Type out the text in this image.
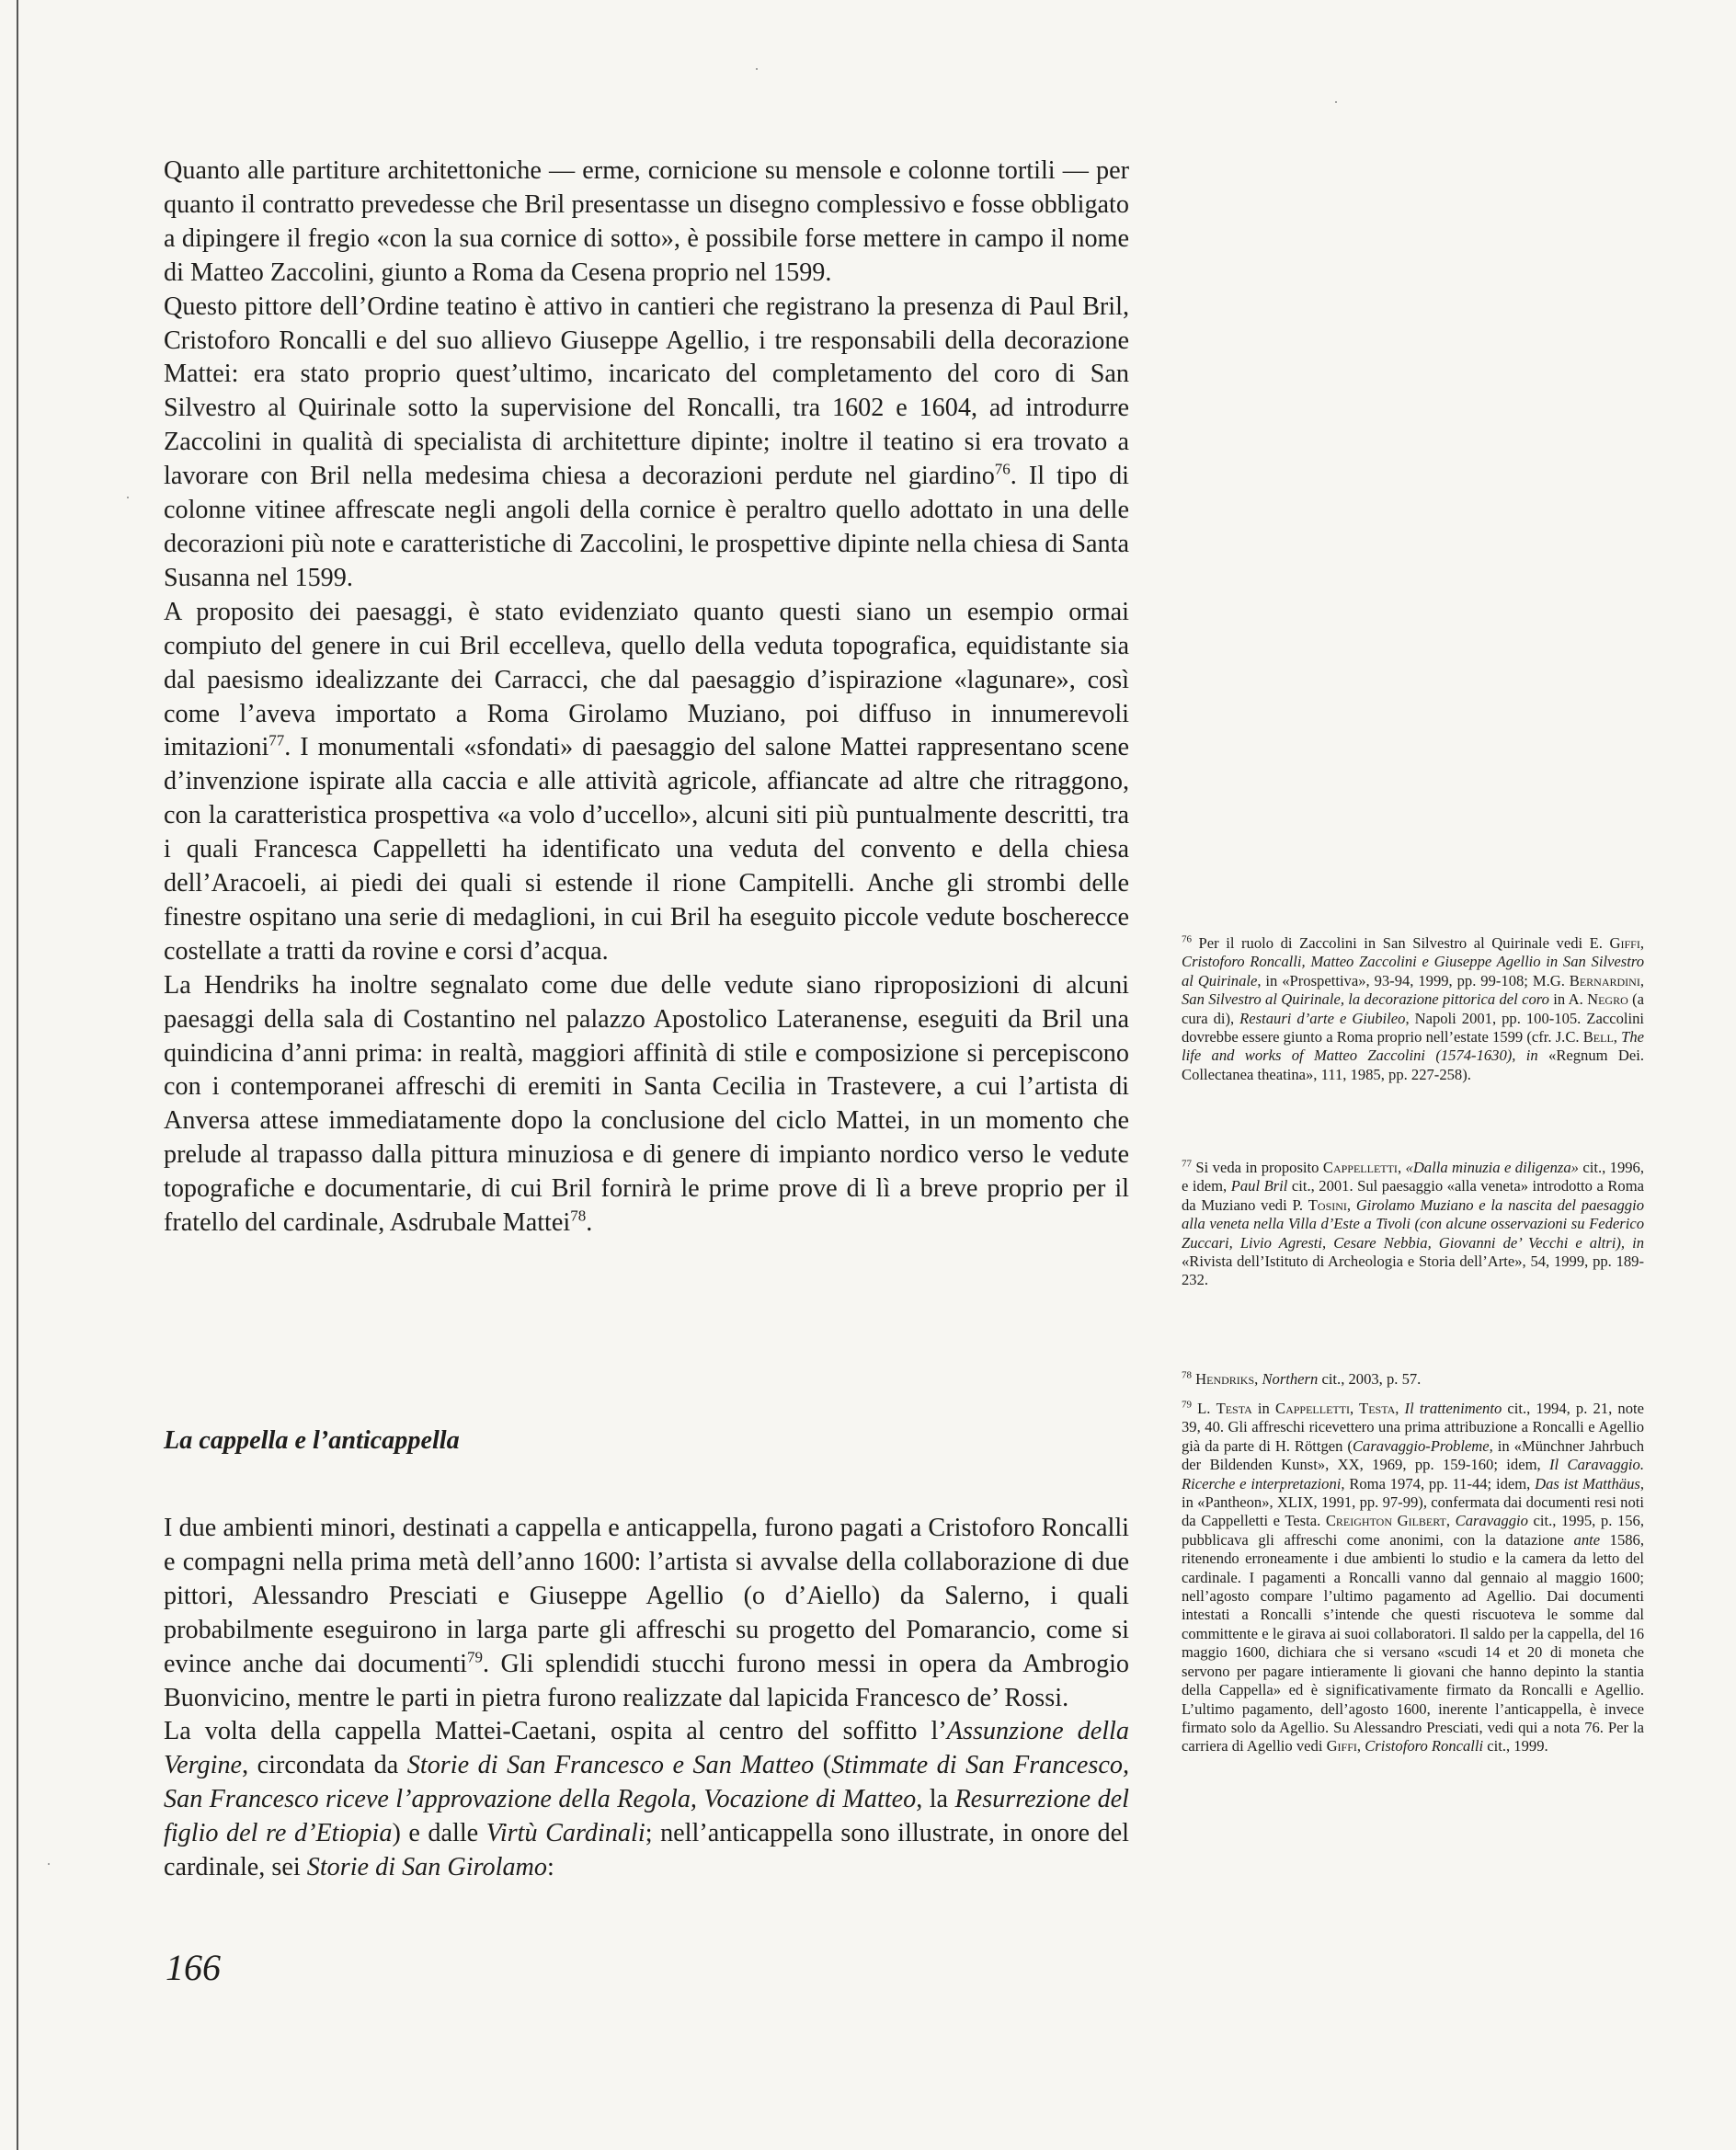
Quanto alle partiture architettoniche — erme, cornicione su mensole e colonne tortili — per quanto il contratto prevedesse che Bril presentasse un disegno complessivo e fosse obbligato a dipingere il fregio «con la sua cornice di sotto», è possibile forse mettere in campo il nome di Matteo Zaccolini, giunto a Roma da Cesena proprio nel 1599.

Questo pittore dell’Ordine teatino è attivo in cantieri che registrano la presenza di Paul Bril, Cristoforo Roncalli e del suo allievo Giuseppe Agellio, i tre responsabili della decorazione Mattei: era stato proprio quest’ultimo, incaricato del completamento del coro di San Silvestro al Quirinale sotto la supervisione del Roncalli, tra 1602 e 1604, ad introdurre Zaccolini in qualità di specialista di architetture dipinte; inoltre il teatino si era trovato a lavorare con Bril nella medesima chiesa a decorazioni perdute nel giardino$^{76}$. Il tipo di colonne vitinee affrescate negli angoli della cornice è peraltro quello adottato in una delle decorazioni più note e caratteristiche di Zaccolini, le prospettive dipinte nella chiesa di Santa Susanna nel 1599.

A proposito dei paesaggi, è stato evidenziato quanto questi siano un esempio ormai compiuto del genere in cui Bril eccelleva, quello della veduta topografica, equidistante sia dal paesismo idealizzante dei Carracci, che dal paesaggio d’ispirazione «lagunare», così come l’aveva importato a Roma Girolamo Muziano, poi diffuso in innumerevoli imitazioni$^{77}$. I monumentali «sfondati» di paesaggio del salone Mattei rappresentano scene d’invenzione ispirate alla caccia e alle attività agricole, affiancate ad altre che ritraggono, con la caratteristica prospettiva «a volo d’uccello», alcuni siti più puntualmente descritti, tra i quali Francesca Cappelletti ha identificato una veduta del convento e della chiesa dell’Aracoeli, ai piedi dei quali si estende il rione Campitelli. Anche gli strombi delle finestre ospitano una serie di medaglioni, in cui Bril ha eseguito piccole vedute boscherecce costellate a tratti da rovine e corsi d’acqua.

La Hendriks ha inoltre segnalato come due delle vedute siano riproposizioni di alcuni paesaggi della sala di Costantino nel palazzo Apostolico Lateranense, eseguiti da Bril una quindicina d’anni prima: in realtà, maggiori affinità di stile e composizione si percepiscono con i contemporanei affreschi di eremiti in Santa Cecilia in Trastevere, a cui l’artista di Anversa attese immediatamente dopo la conclusione del ciclo Mattei, in un momento che prelude al trapasso dalla pittura minuziosa e di genere di impianto nordico verso le vedute topografiche e documentarie, di cui Bril fornirà le prime prove di lì a breve proprio per il fratello del cardinale, Asdrubale Mattei$^{78}$.

La cappella e l’anticappella

I due ambienti minori, destinati a cappella e anticappella, furono pagati a Cristoforo Roncalli e compagni nella prima metà dell’anno 1600: l’artista si avvalse della collaborazione di due pittori, Alessandro Presciati e Giuseppe Agellio (o d’Aiello) da Salerno, i quali probabilmente eseguirono in larga parte gli affreschi su progetto del Pomarancio, come si evince anche dai documenti$^{79}$. Gli splendidi stucchi furono messi in opera da Ambrogio Buonvicino, mentre le parti in pietra furono realizzate dal lapicida Francesco de’ Rossi.

La volta della cappella Mattei-Caetani, ospita al centro del soffitto l’Assunzione della Vergine, circondata da Storie di San Francesco e San Matteo (Stimmate di San Francesco, San Francesco riceve l’approvazione della Regola, Vocazione di Matteo, la Resurrezione del figlio del re d’Etiopia) e dalle Virtù Cardinali; nell’anticappella sono illustrate, in onore del cardinale, sei Storie di San Girolamo:

166

$^{76}$ Per il ruolo di Zaccolini in San Silvestro al Quirinale vedi E. Giffi, Cristoforo Roncalli, Matteo Zaccolini e Giuseppe Agellio in San Silvestro al Quirinale, in «Prospettiva», 93-94, 1999, pp. 99-108; M.G. Bernardini, San Silvestro al Quirinale, la decorazione pittorica del coro in A. Negro (a cura di), Restauri d’arte e Giubileo, Napoli 2001, pp. 100-105. Zaccolini dovrebbe essere giunto a Roma proprio nell’estate 1599 (cfr. J.C. Bell, The life and works of Matteo Zaccolini (1574-1630), in «Regnum Dei. Collectanea theatina», 111, 1985, pp. 227-258).

$^{77}$ Si veda in proposito Cappelletti, «Dalla minuzia e diligenza» cit., 1996, e idem, Paul Bril cit., 2001. Sul paesaggio «alla veneta» introdotto a Roma da Muziano vedi P. Tosini, Girolamo Muziano e la nascita del paesaggio alla veneta nella Villa d’Este a Tivoli (con alcune osservazioni su Federico Zuccari, Livio Agresti, Cesare Nebbia, Giovanni de’ Vecchi e altri), in «Rivista dell’Istituto di Archeologia e Storia dell’Arte», 54, 1999, pp. 189-232.

$^{78}$ Hendriks, Northern cit., 2003, p. 57.

$^{79}$ L. Testa in Cappelletti, Testa, Il trattenimento cit., 1994, p. 21, note 39, 40. Gli affreschi ricevettero una prima attribuzione a Roncalli e Agellio già da parte di H. Röttgen (Caravaggio-Probleme, in «Münchner Jahrbuch der Bildenden Kunst», XX, 1969, pp. 159-160; idem, Il Caravaggio. Ricerche e interpretazioni, Roma 1974, pp. 11-44; idem, Das ist Matthäus, in «Pantheon», XLIX, 1991, pp. 97-99), confermata dai documenti resi noti da Cappelletti e Testa. Creighton Gilbert, Caravaggio cit., 1995, p. 156, pubblicava gli affreschi come anonimi, con la datazione ante 1586, ritenendo erroneamente i due ambienti lo studio e la camera da letto del cardinale. I pagamenti a Roncalli vanno dal gennaio al maggio 1600; nell’agosto compare l’ultimo pagamento ad Agellio. Dai documenti intestati a Roncalli s’intende che questi riscuoteva le somme dal committente e le girava ai suoi collaboratori. Il saldo per la cappella, del 16 maggio 1600, dichiara che si versano «scudi 14 et 20 di moneta che servono per pagare intieramente li giovani che hanno depinto la stantia della Cappella» ed è significativamente firmato da Roncalli e Agellio. L’ultimo pagamento, dell’agosto 1600, inerente l’anticappella, è invece firmato solo da Agellio. Su Alessandro Presciati, vedi qui a nota 76. Per la carriera di Agellio vedi Giffi, Cristoforo Roncalli cit., 1999.
